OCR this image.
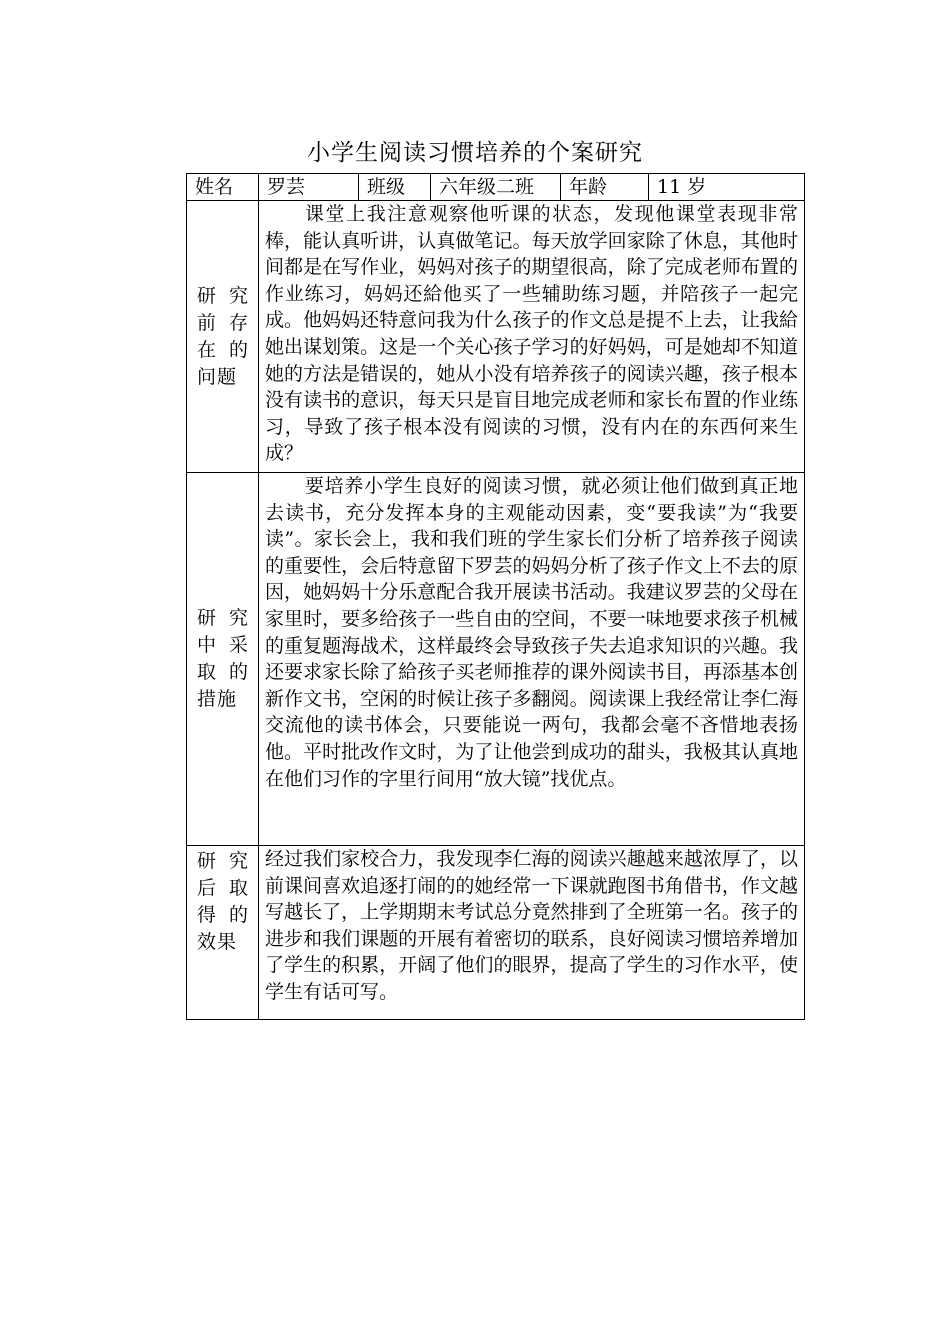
小学生阅读习惯培养的个案研究
姓名	罗芸	班级	六年级二班	年龄	11 岁

研究前存在的问题	课堂上我注意观察他听课的状态，发现他课堂表现非常棒，能认真听讲，认真做笔记。每天放学回家除了休息，其他时间都是在写作业，妈妈对孩子的期望很高，除了完成老师布置的作业练习，妈妈还給他买了一些辅助练习题，并陪孩子一起完成。他妈妈还特意问我为什么孩子的作文总是提不上去，让我給她出谋划策。这是一个关心孩子学习的好妈妈，可是她却不知道她的方法是错误的，她从小没有培养孩子的阅读兴趣，孩子根本没有读书的意识，每天只是盲目地完成老师和家长布置的作业练习，导致了孩子根本没有阅读的习惯，没有内在的东西何来生成？				

研究中采取的措施	要培养小学生良好的阅读习惯，就必须让他们做到真正地去读书，充分发挥本身的主观能动因素，变“要我读”为“我要读”。家长会上，我和我们班的学生家长们分析了培养孩子阅读的重要性，会后特意留下罗芸的妈妈分析了孩子作文上不去的原因，她妈妈十分乐意配合我开展读书活动。我建议罗芸的父母在家里时，要多给孩子一些自由的空间，不要一味地要求孩子机械的重复题海战术，这样最终会导致孩子失去追求知识的兴趣。我还要求家长除了給孩子买老师推荐的课外阅读书目，再添基本创新作文书，空闲的时候让孩子多翻阅。阅读课上我经常让李仁海交流他的读书体会，只要能说一两句，我都会毫不吝惜地表扬他。平时批改作文时，为了让他尝到成功的甜头，我极其认真地在他们习作的字里行间用“放大镜”找优点。				

研究后取得的效果	经过我们家校合力，我发现李仁海的阅读兴趣越来越浓厚了，以前课间喜欢追逐打闹的的她经常一下课就跑图书角借书，作文越写越长了，上学期期末考试总分竟然排到了全班第一名。孩子的进步和我们课题的开展有着密切的联系，良好阅读习惯培养增加了学生的积累，开阔了他们的眼界，提高了学生的习作水平，使学生有话可写。				
